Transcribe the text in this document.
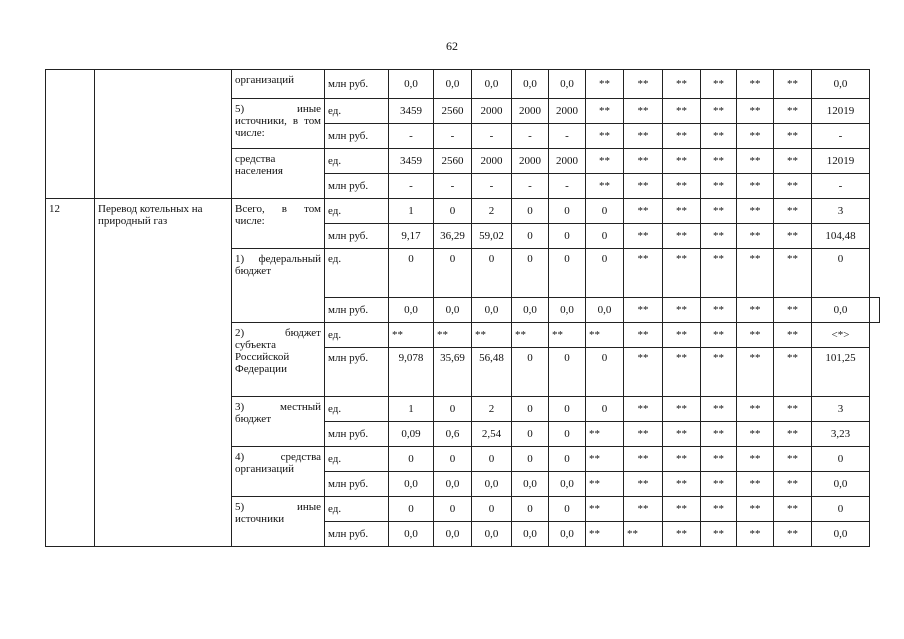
62
		организаций	млн руб.	0,0	0,0	0,0	0,0	0,0	**	**	**	**	**	**	0,0	
		5) иные источники, в том числе:	ед.	3459	2560	2000	2000	2000	**	**	**	**	**	**	12019	
			млн руб.	-	-	-	-	-	**	**	**	**	**	**	-	
		средства населения	ед.	3459	2560	2000	2000	2000	**	**	**	**	**	**	12019	
			млн руб.	-	-	-	-	-	**	**	**	**	**	**	-	
12	Перевод котельных на природный газ	Всего, в том числе:	ед.	1	0	2	0	0	0	**	**	**	**	**	3	
			млн руб.	9,17	36,29	59,02	0	0	0	**	**	**	**	**	104,48	
		1) федеральный бюджет	ед.	0	0	0	0	0	0	**	**	**	**	**	0	
			млн руб.	0,0	0,0	0,0	0,0	0,0	0,0	**	**	**	**	**	0,0	
		2) бюджет субъекта Российской Федерации	ед.	**	**	**	**	**	**	**	**	**	**	**	<*>	
			млн руб.	9,078	35,69	56,48	0	0	0	**	**	**	**	**	101,25	
		3) местный бюджет	ед.	1	0	2	0	0	0	**	**	**	**	**	3	
			млн руб.	0,09	0,6	2,54	0	0	**	**	**	**	**	**	3,23	
		4) средства организаций	ед.	0	0	0	0	0	**	**	**	**	**	**	0	
			млн руб.	0,0	0,0	0,0	0,0	0,0	**	**	**	**	**	**	0,0	
		5) иные источники	ед.	0	0	0	0	0	**	**	**	**	**	**	0	
			млн руб.	0,0	0,0	0,0	0,0	0,0	**	**	**	**	**	**	0,0	
